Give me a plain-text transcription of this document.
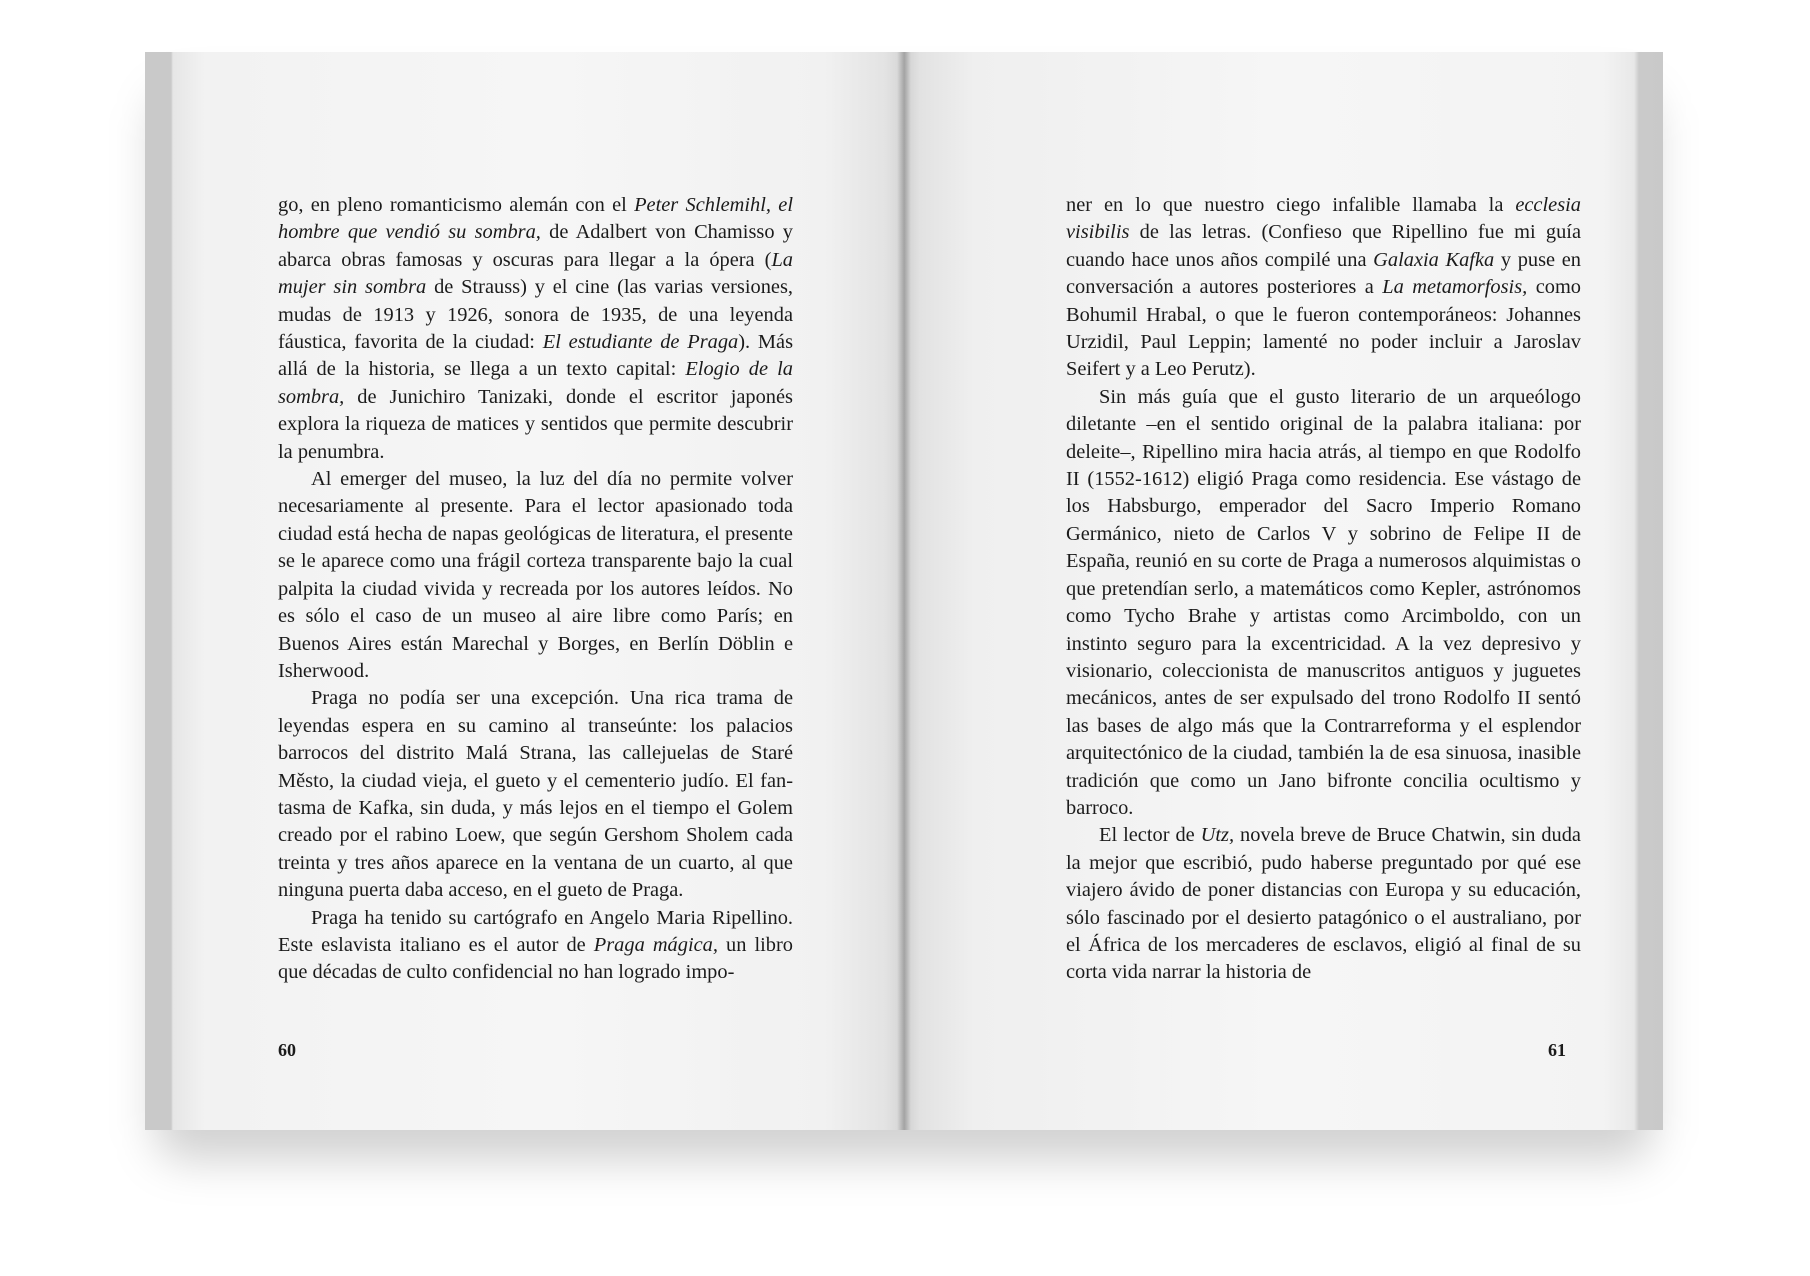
go, en pleno romanticismo alemán con el Peter Schlemihl, el hombre que vendió su sombra, de Adalbert von Chamisso y abarca obras famosas y oscuras para llegar a la ópera (La mujer sin sombra de Strauss) y el cine (las varias versiones, mudas de 1913 y 1926, sonora de 1935, de una leyenda fáustica, favorita de la ciudad: El estudiante de Praga). Más allá de la historia, se llega a un texto capital: Elogio de la sombra, de Junichiro Tanizaki, donde el escritor japonés explora la riqueza de matices y sentidos que permite descubrir la penumbra.

Al emerger del museo, la luz del día no permite volver necesariamente al presente. Para el lector apasionado toda ciudad está hecha de napas geológicas de literatura, el presente se le aparece como una frágil corteza transparente bajo la cual palpita la ciudad vivida y recreada por los autores leídos. No es sólo el caso de un museo al aire libre como París; en Buenos Aires están Marechal y Borges, en Berlín Döblin e Isherwood.

Praga no podía ser una excepción. Una rica trama de leyendas espera en su camino al transeúnte: los palacios barrocos del distrito Malá Strana, las callejuelas de Staré Město, la ciudad vieja, el gueto y el cementerio judío. El fantasma de Kafka, sin duda, y más lejos en el tiempo el Golem creado por el rabino Loew, que según Gershom Sholem cada treinta y tres años aparece en la ventana de un cuarto, al que ninguna puerta daba acceso, en el gueto de Praga.

Praga ha tenido su cartógrafo en Angelo Maria Ripellino. Este eslavista italiano es el autor de Praga mágica, un libro que décadas de culto confidencial no han logrado impo-

60

ner en lo que nuestro ciego infalible llamaba la ecclesia visibilis de las letras. (Confieso que Ripellino fue mi guía cuando hace unos años compilé una Galaxia Kafka y puse en conversación a autores posteriores a La metamorfosis, como Bohumil Hrabal, o que le fueron contemporáneos: Johannes Urzidil, Paul Leppin; lamenté no poder incluir a Jaroslav Seifert y a Leo Perutz).

Sin más guía que el gusto literario de un arqueólogo diletante –en el sentido original de la palabra italiana: por deleite–, Ripellino mira hacia atrás, al tiempo en que Rodolfo II (1552-1612) eligió Praga como residencia. Ese vástago de los Habsburgo, emperador del Sacro Imperio Romano Germánico, nieto de Carlos V y sobrino de Felipe II de España, reunió en su corte de Praga a numerosos alquimistas o que pretendían serlo, a matemáticos como Kepler, astrónomos como Tycho Brahe y artistas como Arcimboldo, con un instinto seguro para la excentricidad. A la vez depresivo y visionario, coleccionista de manuscritos antiguos y juguetes mecánicos, antes de ser expulsado del trono Rodolfo II sentó las bases de algo más que la Contrarreforma y el esplendor arquitectónico de la ciudad, también la de esa sinuosa, inasible tradición que como un Jano bifronte concilia ocultismo y barroco.

El lector de Utz, novela breve de Bruce Chatwin, sin duda la mejor que escribió, pudo haberse preguntado por qué ese viajero ávido de poner distancias con Europa y su educación, sólo fascinado por el desierto patagónico o el australiano, por el África de los mercaderes de esclavos, eligió al final de su corta vida narrar la historia de

61
